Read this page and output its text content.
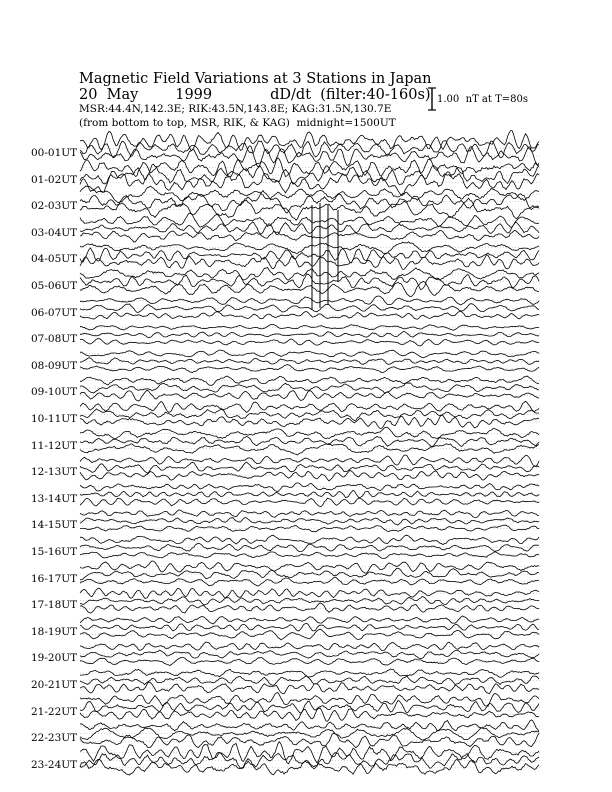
Magnetic Field Variations at 3 Stations in Japan
20  May        1999	dD/dt  (filter:40-160s)
MSR:44.4N,142.3E; RIK:43.5N,143.8E; KAG:31.5N,130.7E
(from bottom to top, MSR, RIK, & KAG)  midnight=1500UT
1.00  nT at T=80s
00-01UT
01-02UT
02-03UT
03-04UT
04-05UT
05-06UT
06-07UT
07-08UT
08-09UT
09-10UT
10-11UT
11-12UT
12-13UT
13-14UT
14-15UT
15-16UT
16-17UT
17-18UT
18-19UT
19-20UT
20-21UT
21-22UT
22-23UT
23-24UT
